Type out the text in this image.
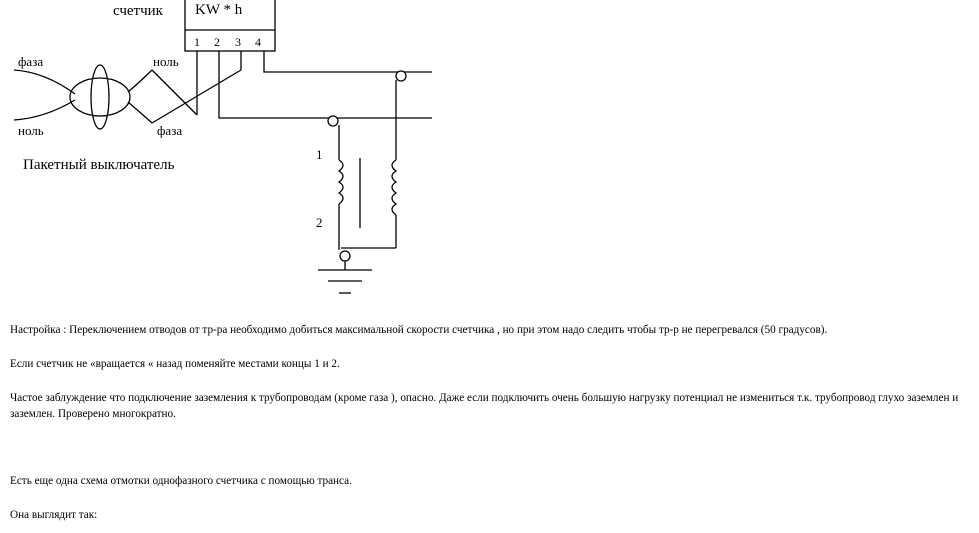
счетчик KW * h
1 2 3 4
фаза
ноль
ноль
фаза
Пакетный выключатель
1
2

Настройка : Переключением отводов от тр-ра необходимо добиться максимальной скорости счетчика , но при этом надо следить чтобы тр-р не перегревался (50 градусов).

Если счетчик не «вращается « назад поменяйте местами концы 1 и 2.

Частое заблуждение что подключение заземления к трубопроводам (кроме газа ), опасно. Даже если подключить очень большую нагрузку потенциал не измениться т.к. трубопровод глухо заземлен и заземлен. Проверено многократно.

Есть еще одна схема отмотки однофазного счетчика с помощью транса.

Она выглядит так:
